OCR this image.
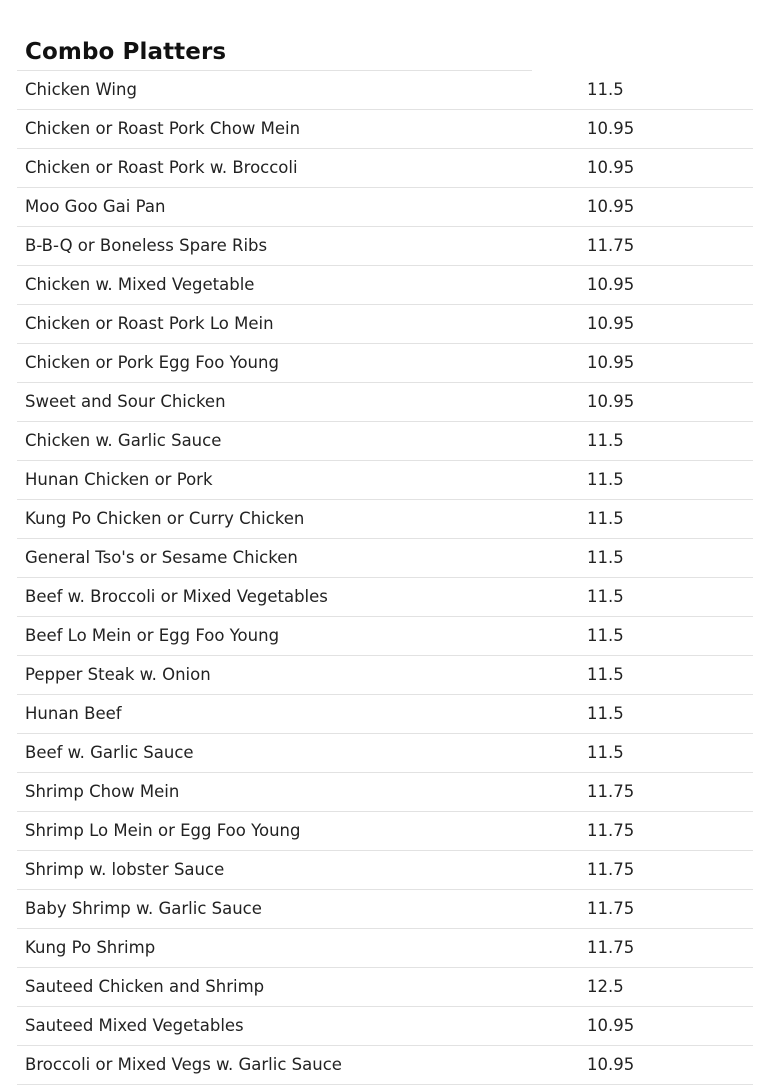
Combo Platters
Chicken Wing	11.5
Chicken or Roast Pork Chow Mein	10.95
Chicken or Roast Pork w. Broccoli	10.95
Moo Goo Gai Pan	10.95
B-B-Q or Boneless Spare Ribs	11.75
Chicken w. Mixed Vegetable	10.95
Chicken or Roast Pork Lo Mein	10.95
Chicken or Pork Egg Foo Young	10.95
Sweet and Sour Chicken	10.95
Chicken w. Garlic Sauce	11.5
Hunan Chicken or Pork	11.5
Kung Po Chicken or Curry Chicken	11.5
General Tso's or Sesame Chicken	11.5
Beef w. Broccoli or Mixed Vegetables	11.5
Beef Lo Mein or Egg Foo Young	11.5
Pepper Steak w. Onion	11.5
Hunan Beef	11.5
Beef w. Garlic Sauce	11.5
Shrimp Chow Mein	11.75
Shrimp Lo Mein or Egg Foo Young	11.75
Shrimp w. lobster Sauce	11.75
Baby Shrimp w. Garlic Sauce	11.75
Kung Po Shrimp	11.75
Sauteed Chicken and Shrimp	12.5
Sauteed Mixed Vegetables	10.95
Broccoli or Mixed Vegs w. Garlic Sauce	10.95
